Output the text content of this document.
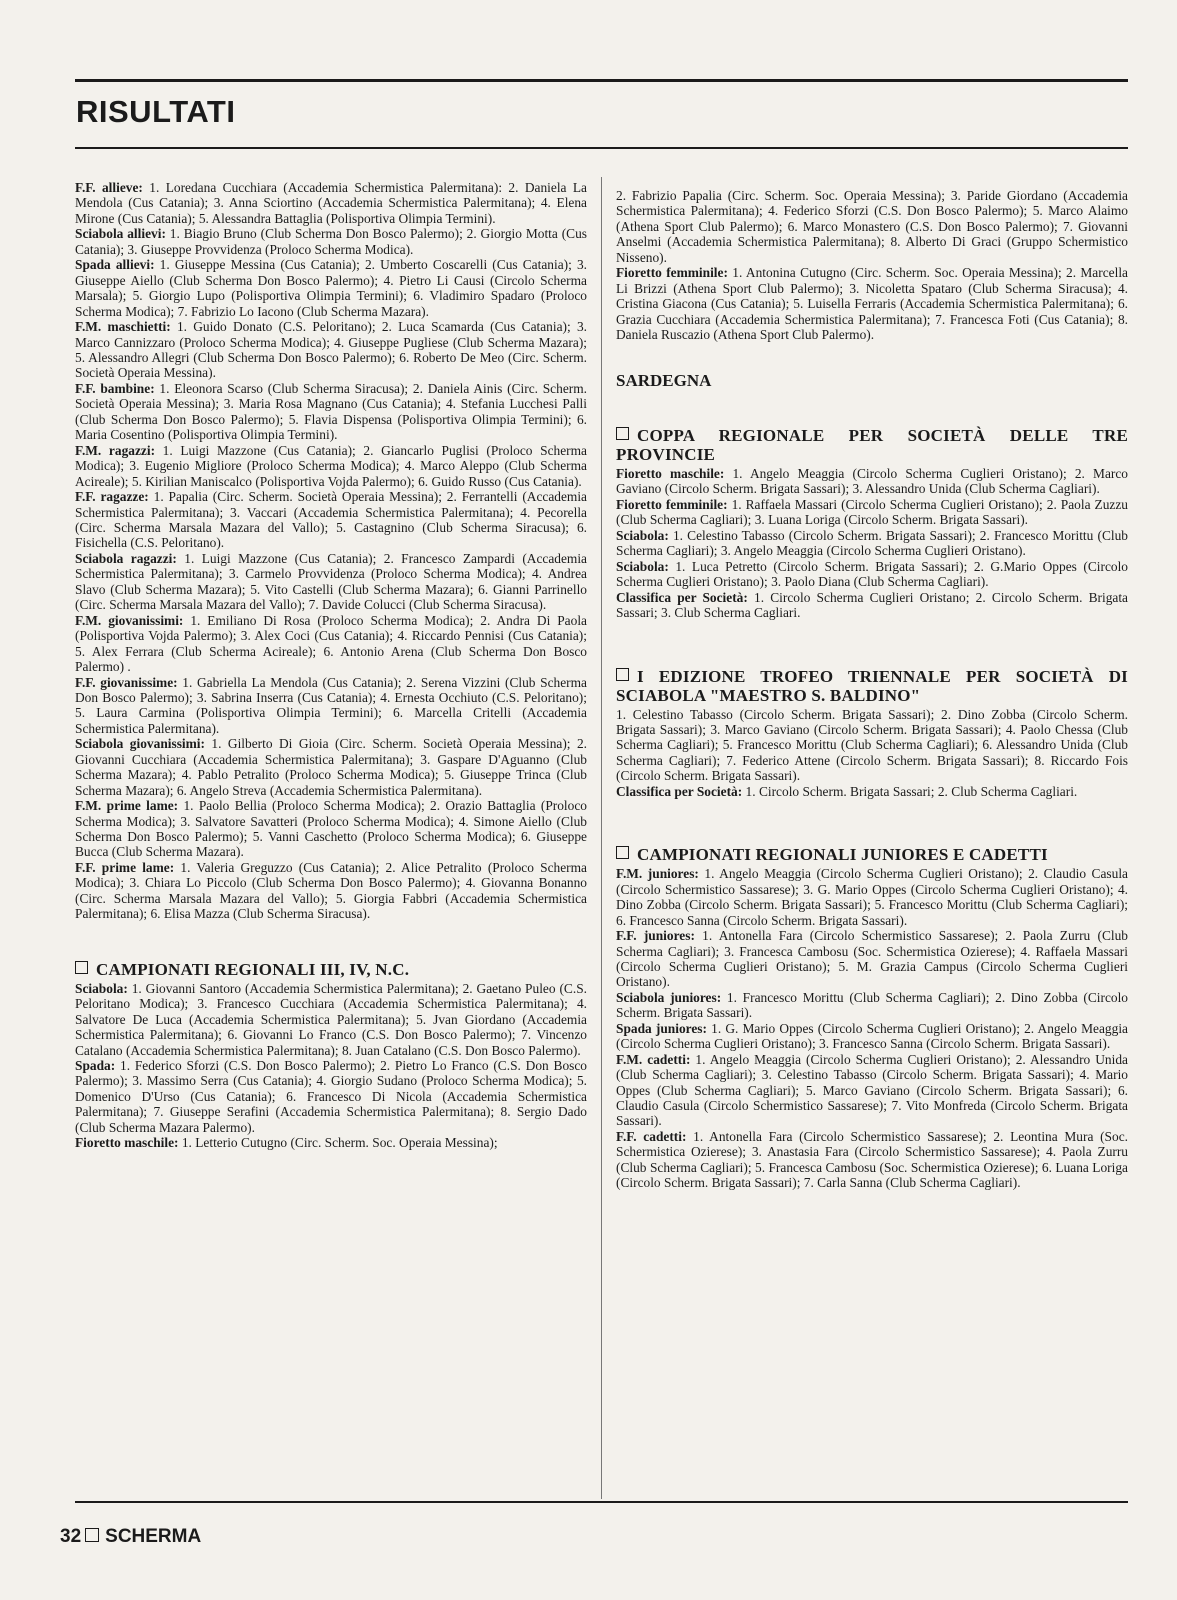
RISULTATI

F.F. allieve: 1. Loredana Cucchiara (Accademia Schermistica Palermitana): 2. Daniela La Mendola (Cus Catania); 3. Anna Sciortino (Accademia Schermistica Palermitana); 4. Elena Mirone (Cus Catania); 5. Alessandra Battaglia (Polisportiva Olimpia Termini).

Sciabola allievi: 1. Biagio Bruno (Club Scherma Don Bosco Palermo); 2. Giorgio Motta (Cus Catania); 3. Giuseppe Provvidenza (Proloco Scherma Modica).

Spada allievi: 1. Giuseppe Messina (Cus Catania); 2. Umberto Coscarelli (Cus Catania); 3. Giuseppe Aiello (Club Scherma Don Bosco Palermo); 4. Pietro Li Causi (Circolo Scherma Marsala); 5. Giorgio Lupo (Polisportiva Olimpia Termini); 6. Vladimiro Spadaro (Proloco Scherma Modica); 7. Fabrizio Lo Iacono (Club Scherma Mazara).

F.M. maschietti: 1. Guido Donato (C.S. Peloritano); 2. Luca Scamarda (Cus Catania); 3. Marco Cannizzaro (Proloco Scherma Modica); 4. Giuseppe Pugliese (Club Scherma Mazara); 5. Alessandro Allegri (Club Scherma Don Bosco Palermo); 6. Roberto De Meo (Circ. Scherm. Società Operaia Messina).

F.F. bambine: 1. Eleonora Scarso (Club Scherma Siracusa); 2. Daniela Ainis (Circ. Scherm. Società Operaia Messina); 3. Maria Rosa Magnano (Cus Catania); 4. Stefania Lucchesi Palli (Club Scherma Don Bosco Palermo); 5. Flavia Dispensa (Polisportiva Olimpia Termini); 6. Maria Cosentino (Polisportiva Olimpia Termini).

F.M. ragazzi: 1. Luigi Mazzone (Cus Catania); 2. Giancarlo Puglisi (Proloco Scherma Modica); 3. Eugenio Migliore (Proloco Scherma Modica); 4. Marco Aleppo (Club Scherma Acireale); 5. Kirilian Maniscalco (Polisportiva Vojda Palermo); 6. Guido Russo (Cus Catania).

F.F. ragazze: 1. Papalia (Circ. Scherm. Società Operaia Messina); 2. Ferrantelli (Accademia Schermistica Palermitana); 3. Vaccari (Accademia Schermistica Palermitana); 4. Pecorella (Circ. Scherma Marsala Mazara del Vallo); 5. Castagnino (Club Scherma Siracusa); 6. Fisichella (C.S. Peloritano).

Sciabola ragazzi: 1. Luigi Mazzone (Cus Catania); 2. Francesco Zampardi (Accademia Schermistica Palermitana); 3. Carmelo Provvidenza (Proloco Scherma Modica); 4. Andrea Slavo (Club Scherma Mazara); 5. Vito Castelli (Club Scherma Mazara); 6. Gianni Parrinello (Circ. Scherma Marsala Mazara del Vallo); 7. Davide Colucci (Club Scherma Siracusa).

F.M. giovanissimi: 1. Emiliano Di Rosa (Proloco Scherma Modica); 2. Andra Di Paola (Polisportiva Vojda Palermo); 3. Alex Coci (Cus Catania); 4. Riccardo Pennisi (Cus Catania); 5. Alex Ferrara (Club Scherma Acireale); 6. Antonio Arena (Club Scherma Don Bosco Palermo) .

F.F. giovanissime: 1. Gabriella La Mendola (Cus Catania); 2. Serena Vizzini (Club Scherma Don Bosco Palermo); 3. Sabrina Inserra (Cus Catania); 4. Ernesta Occhiuto (C.S. Peloritano); 5. Laura Carmina (Polisportiva Olimpia Termini); 6. Marcella Critelli (Accademia Schermistica Palermitana).

Sciabola giovanissimi: 1. Gilberto Di Gioia (Circ. Scherm. Società Operaia Messina); 2. Giovanni Cucchiara (Accademia Schermistica Palermitana); 3. Gaspare D'Aguanno (Club Scherma Mazara); 4. Pablo Petralito (Proloco Scherma Modica); 5. Giuseppe Trinca (Club Scherma Mazara); 6. Angelo Streva (Accademia Schermistica Palermitana).

F.M. prime lame: 1. Paolo Bellia (Proloco Scherma Modica); 2. Orazio Battaglia (Proloco Scherma Modica); 3. Salvatore Savatteri (Proloco Scherma Modica); 4. Simone Aiello (Club Scherma Don Bosco Palermo); 5. Vanni Caschetto (Proloco Scherma Modica); 6. Giuseppe Bucca (Club Scherma Mazara).

F.F. prime lame: 1. Valeria Greguzzo (Cus Catania); 2. Alice Petralito (Proloco Scherma Modica); 3. Chiara Lo Piccolo (Club Scherma Don Bosco Palermo); 4. Giovanna Bonanno (Circ. Scherma Marsala Mazara del Vallo); 5. Giorgia Fabbri (Accademia Schermistica Palermitana); 6. Elisa Mazza (Club Scherma Siracusa).

CAMPIONATI REGIONALI III, IV, N.C.

Sciabola: 1. Giovanni Santoro (Accademia Schermistica Palermitana); 2. Gaetano Puleo (C.S. Peloritano Modica); 3. Francesco Cucchiara (Accademia Schermistica Palermitana); 4. Salvatore De Luca (Accademia Schermistica Palermitana); 5. Jvan Giordano (Accademia Schermistica Palermitana); 6. Giovanni Lo Franco (C.S. Don Bosco Palermo); 7. Vincenzo Catalano (Accademia Schermistica Palermitana); 8. Juan Catalano (C.S. Don Bosco Palermo).

Spada: 1. Federico Sforzi (C.S. Don Bosco Palermo); 2. Pietro Lo Franco (C.S. Don Bosco Palermo); 3. Massimo Serra (Cus Catania); 4. Giorgio Sudano (Proloco Scherma Modica); 5. Domenico D'Urso (Cus Catania); 6. Francesco Di Nicola (Accademia Schermistica Palermitana); 7. Giuseppe Serafini (Accademia Schermistica Palermitana); 8. Sergio Dado (Club Scherma Mazara Palermo).

Fioretto maschile: 1. Letterio Cutugno (Circ. Scherm. Soc. Operaia Messina);

2. Fabrizio Papalia (Circ. Scherm. Soc. Operaia Messina); 3. Paride Giordano (Accademia Schermistica Palermitana); 4. Federico Sforzi (C.S. Don Bosco Palermo); 5. Marco Alaimo (Athena Sport Club Palermo); 6. Marco Monastero (C.S. Don Bosco Palermo); 7. Giovanni Anselmi (Accademia Schermistica Palermitana); 8. Alberto Di Graci (Gruppo Schermistico Nisseno).

Fioretto femminile: 1. Antonina Cutugno (Circ. Scherm. Soc. Operaia Messina); 2. Marcella Li Brizzi (Athena Sport Club Palermo); 3. Nicoletta Spataro (Club Scherma Siracusa); 4. Cristina Giacona (Cus Catania); 5. Luisella Ferraris (Accademia Schermistica Palermitana); 6. Grazia Cucchiara (Accademia Schermistica Palermitana); 7. Francesca Foti (Cus Catania); 8. Daniela Ruscazio (Athena Sport Club Palermo).

SARDEGNA

COPPA REGIONALE PER SOCIETÀ DELLE TRE PROVINCIE

Fioretto maschile: 1. Angelo Meaggia (Circolo Scherma Cuglieri Oristano); 2. Marco Gaviano (Circolo Scherm. Brigata Sassari); 3. Alessandro Unida (Club Scherma Cagliari).

Fioretto femminile: 1. Raffaela Massari (Circolo Scherma Cuglieri Oristano); 2. Paola Zuzzu (Club Scherma Cagliari); 3. Luana Loriga (Circolo Scherm. Brigata Sassari).

Sciabola: 1. Celestino Tabasso (Circolo Scherm. Brigata Sassari); 2. Francesco Morittu (Club Scherma Cagliari); 3. Angelo Meaggia (Circolo Scherma Cuglieri Oristano).

Sciabola: 1. Luca Petretto (Circolo Scherm. Brigata Sassari); 2. G.Mario Oppes (Circolo Scherma Cuglieri Oristano); 3. Paolo Diana (Club Scherma Cagliari).

Classifica per Società: 1. Circolo Scherma Cuglieri Oristano; 2. Circolo Scherm. Brigata Sassari; 3. Club Scherma Cagliari.

I EDIZIONE TROFEO TRIENNALE PER SOCIETÀ DI SCIABOLA "MAESTRO S. BALDINO"

1. Celestino Tabasso (Circolo Scherm. Brigata Sassari); 2. Dino Zobba (Circolo Scherm. Brigata Sassari); 3. Marco Gaviano (Circolo Scherm. Brigata Sassari); 4. Paolo Chessa (Club Scherma Cagliari); 5. Francesco Morittu (Club Scherma Cagliari); 6. Alessandro Unida (Club Scherma Cagliari); 7. Federico Attene (Circolo Scherm. Brigata Sassari); 8. Riccardo Fois (Circolo Scherm. Brigata Sassari).

Classifica per Società: 1. Circolo Scherm. Brigata Sassari; 2. Club Scherma Cagliari.

CAMPIONATI REGIONALI JUNIORES E CADETTI

F.M. juniores: 1. Angelo Meaggia (Circolo Scherma Cuglieri Oristano); 2. Claudio Casula (Circolo Schermistico Sassarese); 3. G. Mario Oppes (Circolo Scherma Cuglieri Oristano); 4. Dino Zobba (Circolo Scherm. Brigata Sassari); 5. Francesco Morittu (Club Scherma Cagliari); 6. Francesco Sanna (Circolo Scherm. Brigata Sassari).

F.F. juniores: 1. Antonella Fara (Circolo Schermistico Sassarese); 2. Paola Zurru (Club Scherma Cagliari); 3. Francesca Cambosu (Soc. Schermistica Ozierese); 4. Raffaela Massari (Circolo Scherma Cuglieri Oristano); 5. M. Grazia Campus (Circolo Scherma Cuglieri Oristano).

Sciabola juniores: 1. Francesco Morittu (Club Scherma Cagliari); 2. Dino Zobba (Circolo Scherm. Brigata Sassari).

Spada juniores: 1. G. Mario Oppes (Circolo Scherma Cuglieri Oristano); 2. Angelo Meaggia (Circolo Scherma Cuglieri Oristano); 3. Francesco Sanna (Circolo Scherm. Brigata Sassari).

F.M. cadetti: 1. Angelo Meaggia (Circolo Scherma Cuglieri Oristano); 2. Alessandro Unida (Club Scherma Cagliari); 3. Celestino Tabasso (Circolo Scherm. Brigata Sassari); 4. Mario Oppes (Club Scherma Cagliari); 5. Marco Gaviano (Circolo Scherm. Brigata Sassari); 6. Claudio Casula (Circolo Schermistico Sassarese); 7. Vito Monfreda (Circolo Scherm. Brigata Sassari).

F.F. cadetti: 1. Antonella Fara (Circolo Schermistico Sassarese); 2. Leontina Mura (Soc. Schermistica Ozierese); 3. Anastasia Fara (Circolo Schermistico Sassarese); 4. Paola Zurru (Club Scherma Cagliari); 5. Francesca Cambosu (Soc. Schermistica Ozierese); 6. Luana Loriga (Circolo Scherm. Brigata Sassari); 7. Carla Sanna (Club Scherma Cagliari).

32 SCHERMA
